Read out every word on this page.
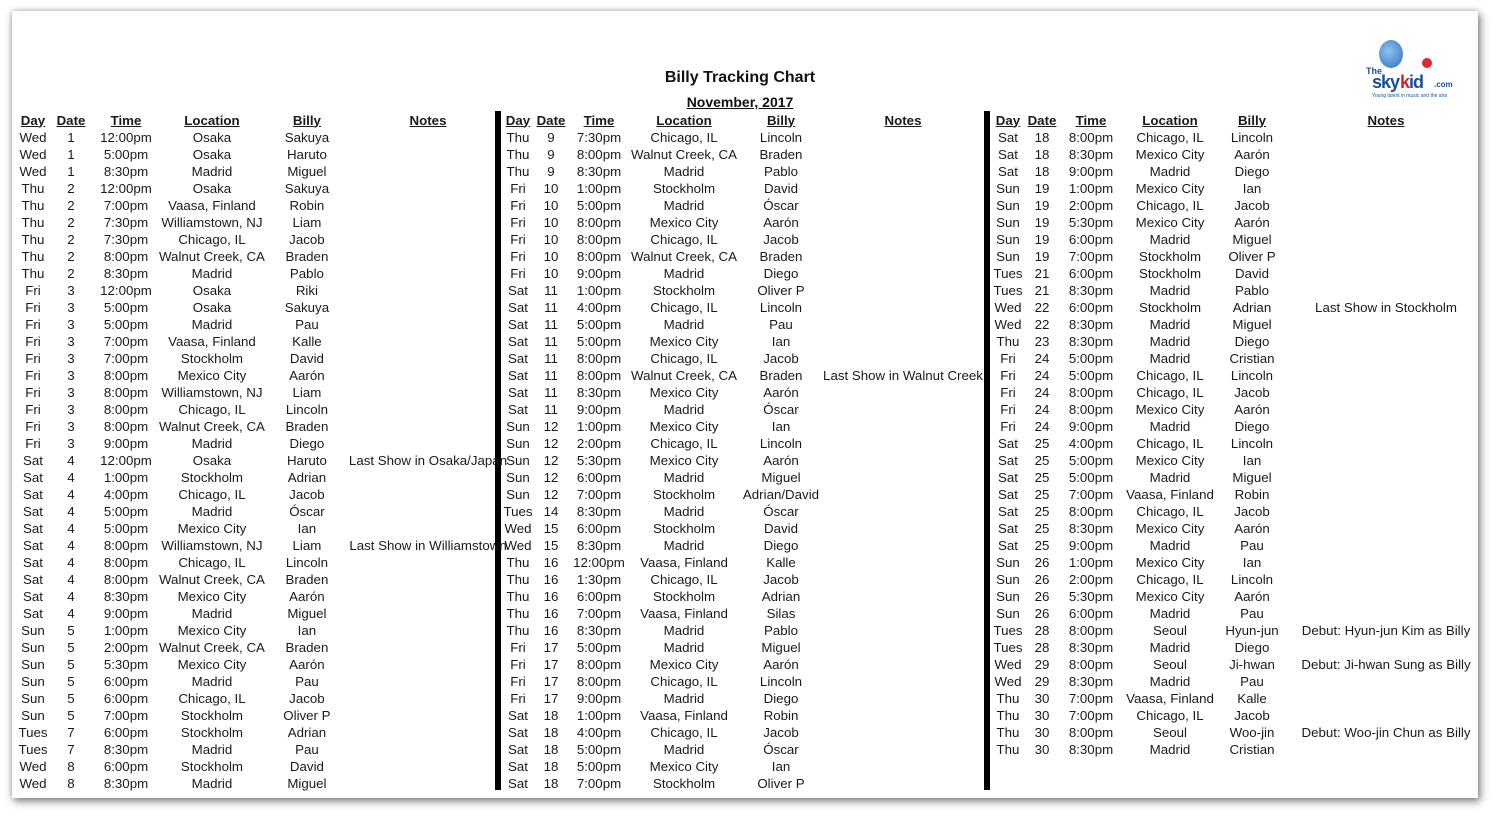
Billy Tracking Chart
November, 2017
The
sky kid .com
Young talent in music and the arts
Day	Date	Time	Location	Billy	Notes
Wed	1	12:00pm	Osaka	Sakuya	
Wed	1	5:00pm	Osaka	Haruto	
Wed	1	8:30pm	Madrid	Miguel	
Thu	2	12:00pm	Osaka	Sakuya	
Thu	2	7:00pm	Vaasa, Finland	Robin	
Thu	2	7:30pm	Williamstown, NJ	Liam	
Thu	2	7:30pm	Chicago, IL	Jacob	
Thu	2	8:00pm	Walnut Creek, CA	Braden	
Thu	2	8:30pm	Madrid	Pablo	
Fri	3	12:00pm	Osaka	Riki	
Fri	3	5:00pm	Osaka	Sakuya	
Fri	3	5:00pm	Madrid	Pau	
Fri	3	7:00pm	Vaasa, Finland	Kalle	
Fri	3	7:00pm	Stockholm	David	
Fri	3	8:00pm	Mexico City	Aarón	
Fri	3	8:00pm	Williamstown, NJ	Liam	
Fri	3	8:00pm	Chicago, IL	Lincoln	
Fri	3	8:00pm	Walnut Creek, CA	Braden	
Fri	3	9:00pm	Madrid	Diego	
Sat	4	12:00pm	Osaka	Haruto	Last Show in Osaka/Japan
Sat	4	1:00pm	Stockholm	Adrian	
Sat	4	4:00pm	Chicago, IL	Jacob	
Sat	4	5:00pm	Madrid	Óscar	
Sat	4	5:00pm	Mexico City	Ian	
Sat	4	8:00pm	Williamstown, NJ	Liam	Last Show in Williamstown
Sat	4	8:00pm	Chicago, IL	Lincoln	
Sat	4	8:00pm	Walnut Creek, CA	Braden	
Sat	4	8:30pm	Mexico City	Aarón	
Sat	4	9:00pm	Madrid	Miguel	
Sun	5	1:00pm	Mexico City	Ian	
Sun	5	2:00pm	Walnut Creek, CA	Braden	
Sun	5	5:30pm	Mexico City	Aarón	
Sun	5	6:00pm	Madrid	Pau	
Sun	5	6:00pm	Chicago, IL	Jacob	
Sun	5	7:00pm	Stockholm	Oliver P	
Tues	7	6:00pm	Stockholm	Adrian	
Tues	7	8:30pm	Madrid	Pau	
Wed	8	6:00pm	Stockholm	David	
Wed	8	8:30pm	Madrid	Miguel	
Day	Date	Time	Location	Billy	Notes
Thu	9	7:30pm	Chicago, IL	Lincoln	
Thu	9	8:00pm	Walnut Creek, CA	Braden	
Thu	9	8:30pm	Madrid	Pablo	
Fri	10	1:00pm	Stockholm	David	
Fri	10	5:00pm	Madrid	Óscar	
Fri	10	8:00pm	Mexico City	Aarón	
Fri	10	8:00pm	Chicago, IL	Jacob	
Fri	10	8:00pm	Walnut Creek, CA	Braden	
Fri	10	9:00pm	Madrid	Diego	
Sat	11	1:00pm	Stockholm	Oliver P	
Sat	11	4:00pm	Chicago, IL	Lincoln	
Sat	11	5:00pm	Madrid	Pau	
Sat	11	5:00pm	Mexico City	Ian	
Sat	11	8:00pm	Chicago, IL	Jacob	
Sat	11	8:00pm	Walnut Creek, CA	Braden	Last Show in Walnut Creek
Sat	11	8:30pm	Mexico City	Aarón	
Sat	11	9:00pm	Madrid	Óscar	
Sun	12	1:00pm	Mexico City	Ian	
Sun	12	2:00pm	Chicago, IL	Lincoln	
Sun	12	5:30pm	Mexico City	Aarón	
Sun	12	6:00pm	Madrid	Miguel	
Sun	12	7:00pm	Stockholm	Adrian/David	
Tues	14	8:30pm	Madrid	Óscar	
Wed	15	6:00pm	Stockholm	David	
Wed	15	8:30pm	Madrid	Diego	
Thu	16	12:00pm	Vaasa, Finland	Kalle	
Thu	16	1:30pm	Chicago, IL	Jacob	
Thu	16	6:00pm	Stockholm	Adrian	
Thu	16	7:00pm	Vaasa, Finland	Silas	
Thu	16	8:30pm	Madrid	Pablo	
Fri	17	5:00pm	Madrid	Miguel	
Fri	17	8:00pm	Mexico City	Aarón	
Fri	17	8:00pm	Chicago, IL	Lincoln	
Fri	17	9:00pm	Madrid	Diego	
Sat	18	1:00pm	Vaasa, Finland	Robin	
Sat	18	4:00pm	Chicago, IL	Jacob	
Sat	18	5:00pm	Madrid	Óscar	
Sat	18	5:00pm	Mexico City	Ian	
Sat	18	7:00pm	Stockholm	Oliver P	
Day	Date	Time	Location	Billy	Notes
Sat	18	8:00pm	Chicago, IL	Lincoln	
Sat	18	8:30pm	Mexico City	Aarón	
Sat	18	9:00pm	Madrid	Diego	
Sun	19	1:00pm	Mexico City	Ian	
Sun	19	2:00pm	Chicago, IL	Jacob	
Sun	19	5:30pm	Mexico City	Aarón	
Sun	19	6:00pm	Madrid	Miguel	
Sun	19	7:00pm	Stockholm	Oliver P	
Tues	21	6:00pm	Stockholm	David	
Tues	21	8:30pm	Madrid	Pablo	
Wed	22	6:00pm	Stockholm	Adrian	Last Show in Stockholm
Wed	22	8:30pm	Madrid	Miguel	
Thu	23	8:30pm	Madrid	Diego	
Fri	24	5:00pm	Madrid	Cristian	
Fri	24	5:00pm	Chicago, IL	Lincoln	
Fri	24	8:00pm	Chicago, IL	Jacob	
Fri	24	8:00pm	Mexico City	Aarón	
Fri	24	9:00pm	Madrid	Diego	
Sat	25	4:00pm	Chicago, IL	Lincoln	
Sat	25	5:00pm	Mexico City	Ian	
Sat	25	5:00pm	Madrid	Miguel	
Sat	25	7:00pm	Vaasa, Finland	Robin	
Sat	25	8:00pm	Chicago, IL	Jacob	
Sat	25	8:30pm	Mexico City	Aarón	
Sat	25	9:00pm	Madrid	Pau	
Sun	26	1:00pm	Mexico City	Ian	
Sun	26	2:00pm	Chicago, IL	Lincoln	
Sun	26	5:30pm	Mexico City	Aarón	
Sun	26	6:00pm	Madrid	Pau	
Tues	28	8:00pm	Seoul	Hyun-jun	Debut: Hyun-jun Kim as Billy
Tues	28	8:30pm	Madrid	Diego	
Wed	29	8:00pm	Seoul	Ji-hwan	Debut: Ji-hwan Sung as Billy
Wed	29	8:30pm	Madrid	Pau	
Thu	30	7:00pm	Vaasa, Finland	Kalle	
Thu	30	7:00pm	Chicago, IL	Jacob	
Thu	30	8:00pm	Seoul	Woo-jin	Debut: Woo-jin Chun as Billy
Thu	30	8:30pm	Madrid	Cristian	
